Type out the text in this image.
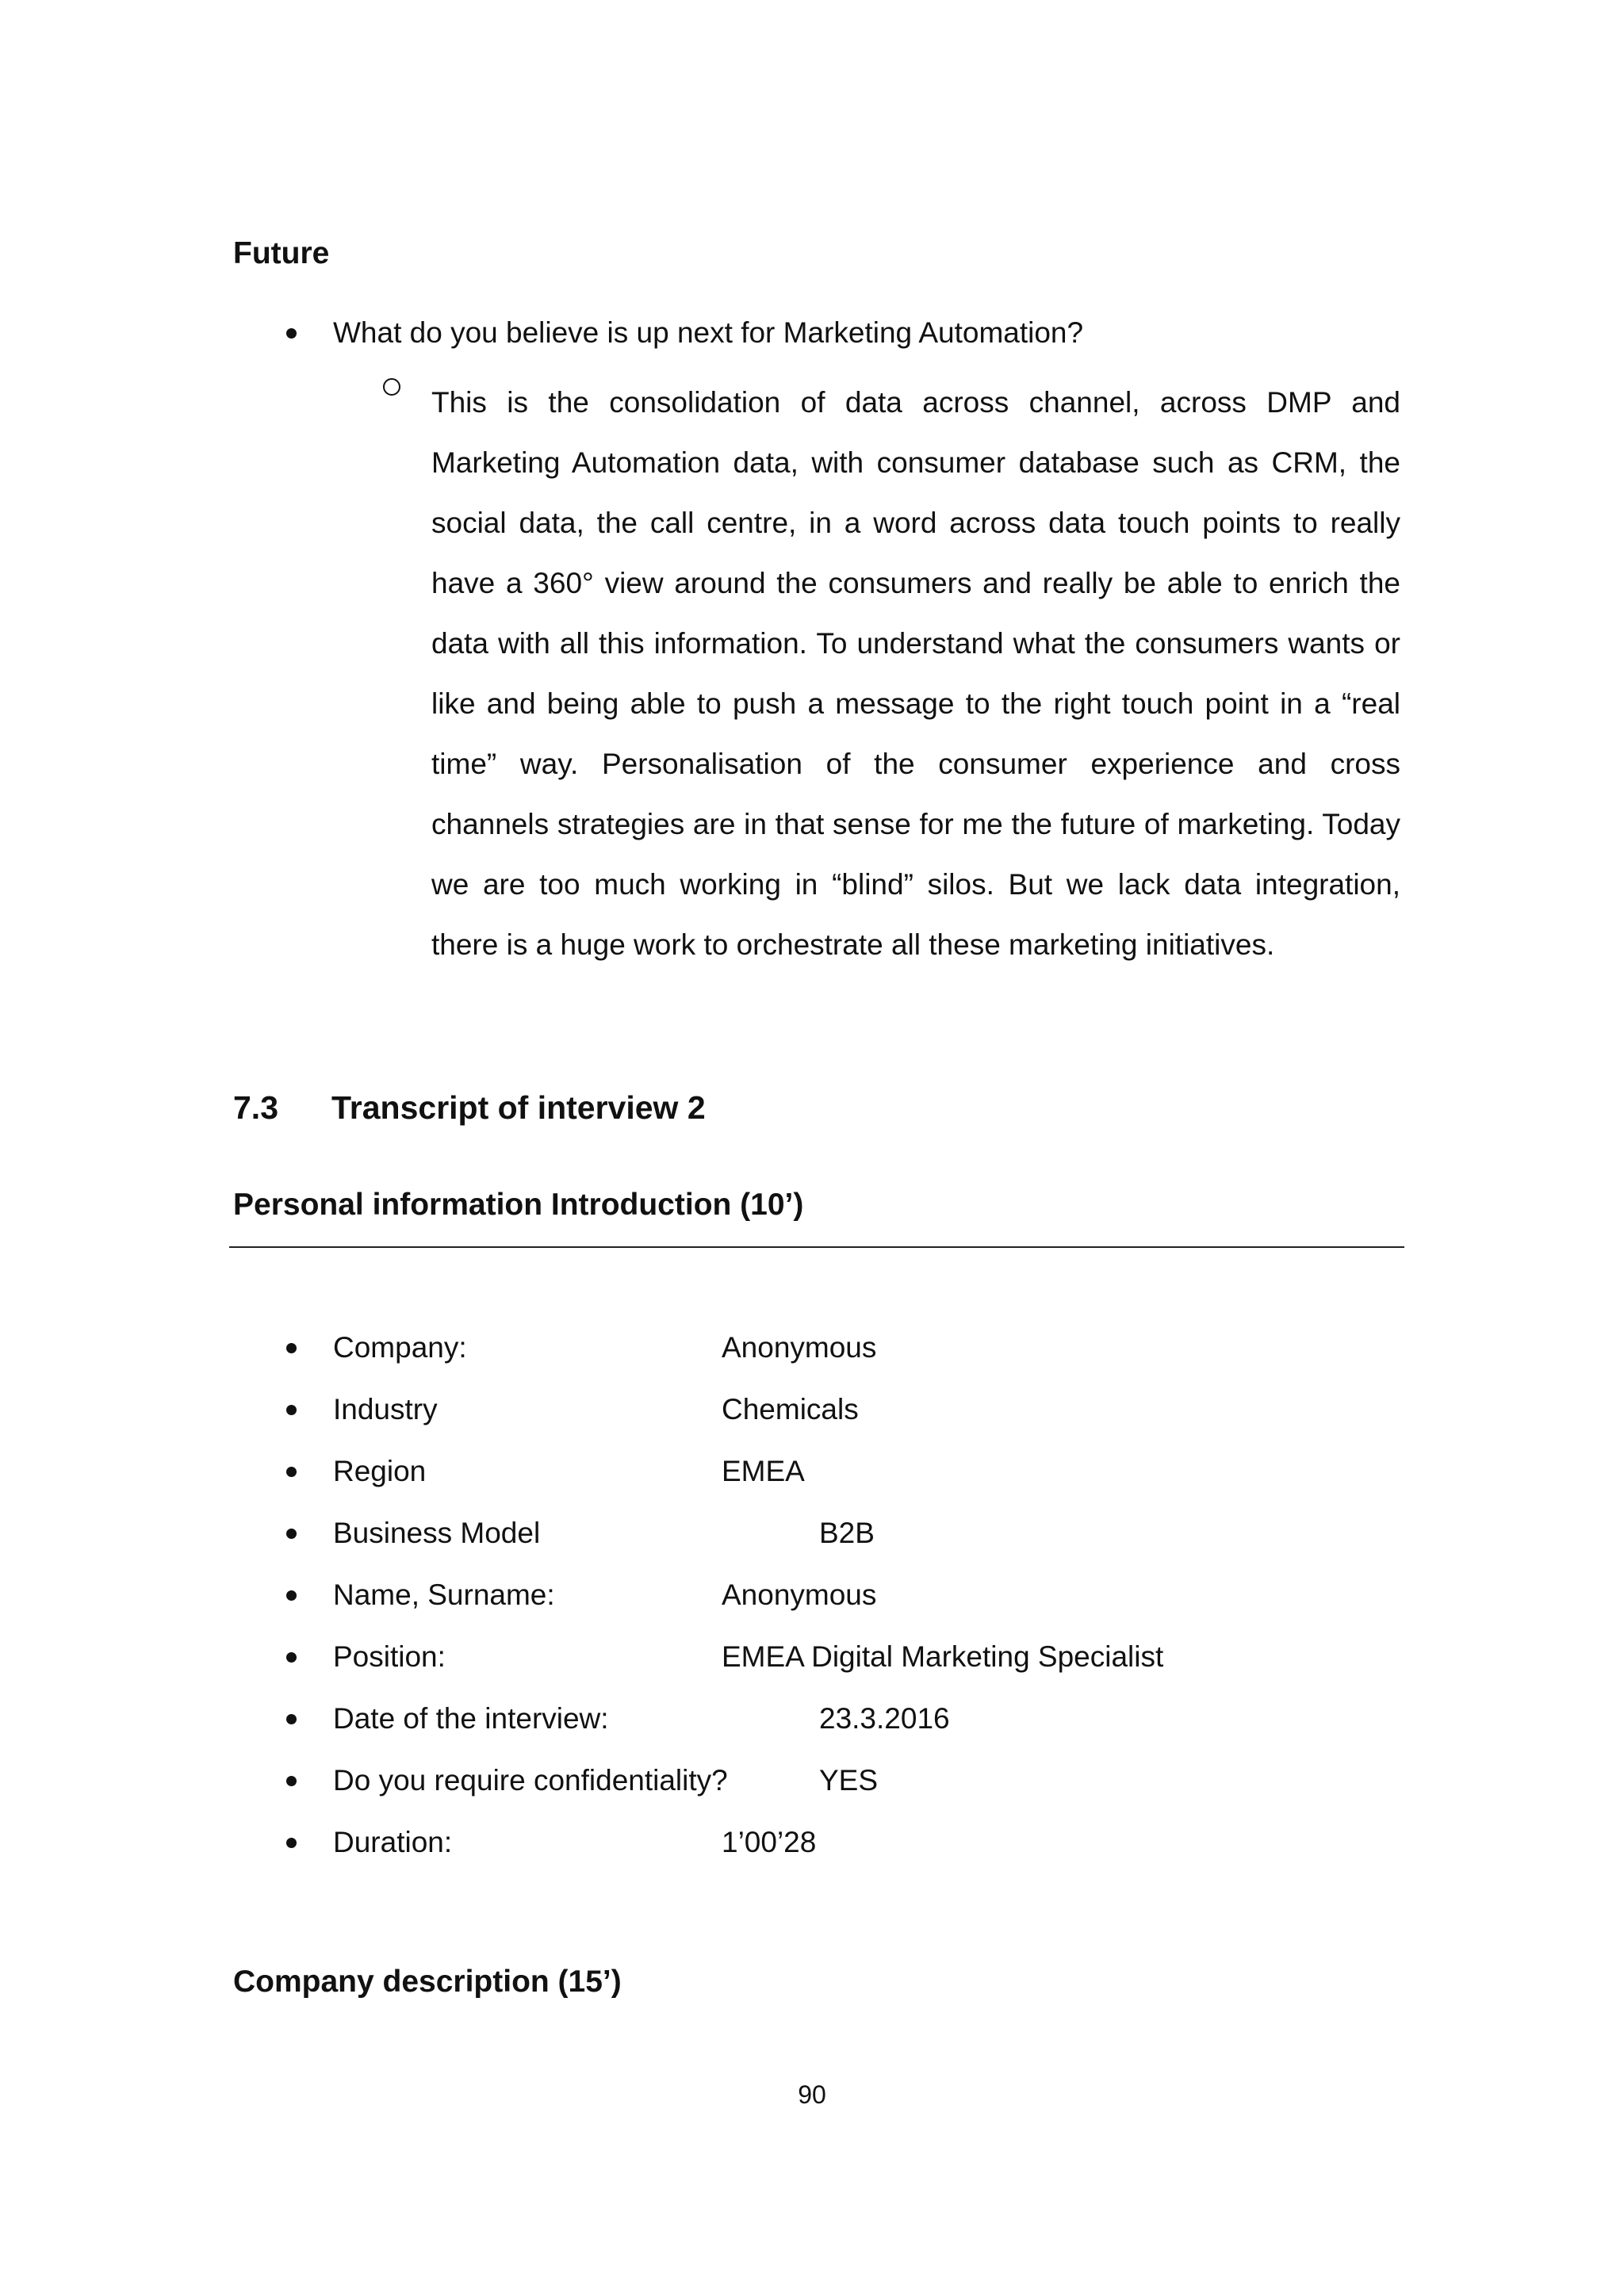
Future
What do you believe is up next for Marketing Automation?
This is the consolidation of data across channel, across DMP and Marketing Automation data, with consumer database such as CRM, the social data, the call centre, in a word across data touch points to really have a 360° view around the consumers and really be able to enrich the data with all this information. To understand what the consumers wants or like and being able to push a message to the right touch point in a “real time” way. Personalisation of the consumer experience and cross channels strategies are in that sense for me the future of marketing. Today we are too much working in “blind” silos. But we lack data integration, there is a huge work to orchestrate all these marketing initiatives.
7.3 Transcript of interview 2
Personal information Introduction (10’)
Company:	Anonymous
Industry	Chemicals
Region	EMEA
Business Model	B2B
Name, Surname:	Anonymous
Position:	EMEA Digital Marketing Specialist
Date of the interview:	23.3.2016
Do you require confidentiality?	YES
Duration:	1’00’28
Company description (15’)
90
